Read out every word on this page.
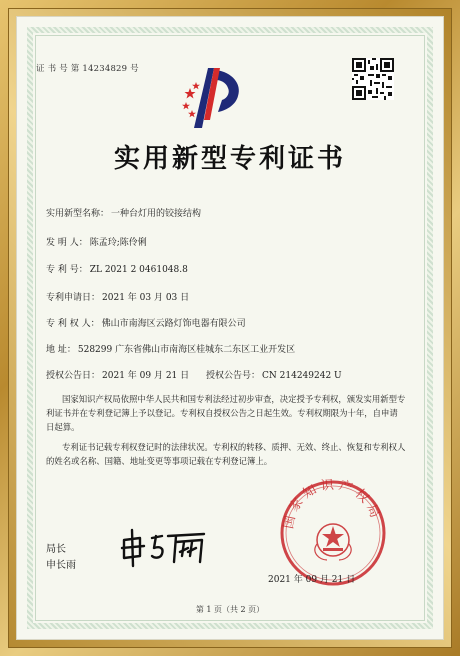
证 书 号 第 14234829 号
实用新型专利证书
实用新型名称： 一种台灯用的铰接结构
发 明 人： 陈孟玲;陈伶俐
专 利 号： ZL 2021 2 0461048.8
专利申请日： 2021 年 03 月 03 日
专 利 权 人： 佛山市南海区云路灯饰电器有限公司
地 址： 528299 广东省佛山市南海区桂城东二东区工业开发区
授权公告日： 2021 年 09 月 21 日 授权公告号： CN 214249242 U
国家知识产权局依照中华人民共和国专利法经过初步审查，决定授予专利权，颁发实用新型专利证书并在专利登记簿上予以登记。专利权自授权公告之日起生效。专利权期限为十年，自申请日起算。
专利证书记载专利权登记时的法律状况。专利权的转移、质押、无效、终止、恢复和专利权人的姓名或名称、国籍、地址变更等事项记载在专利登记簿上。
局长
申长雨
国家知识产权局
2021 年 09 月 21 日
第 1 页（共 2 页）
